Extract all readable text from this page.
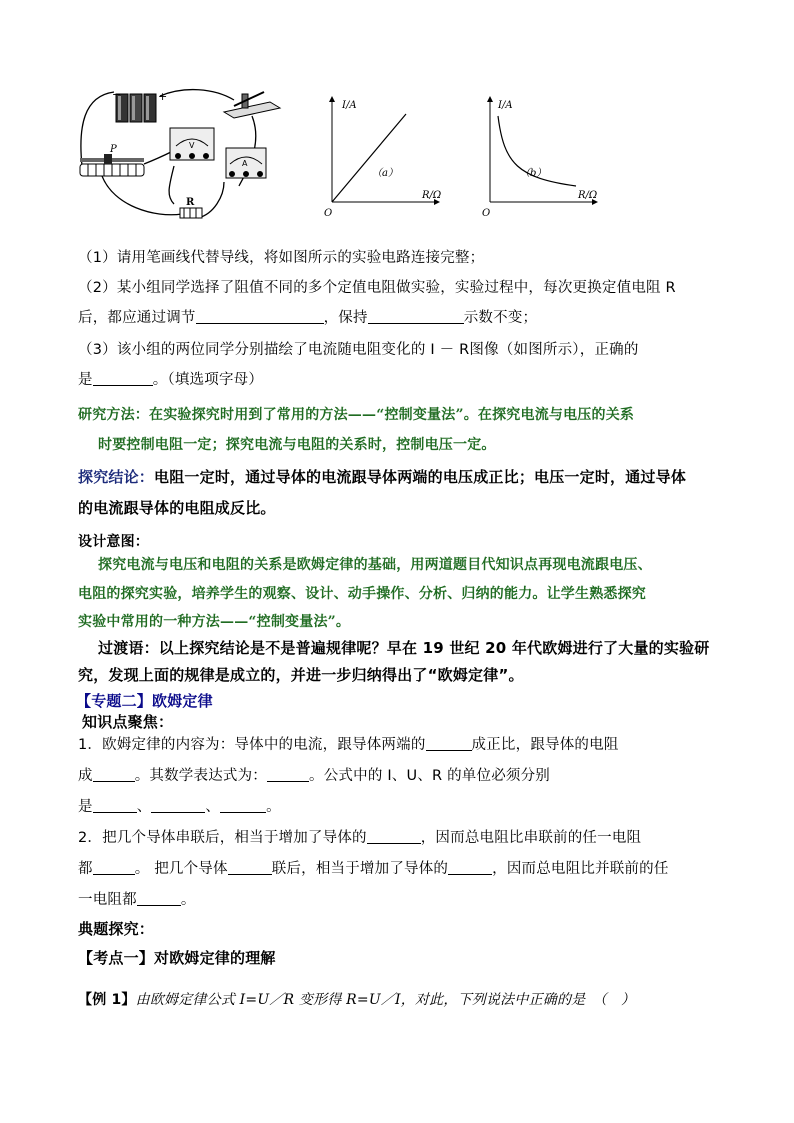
−	+
V
A
P
R
I/A
R/Ω
O
（a）
I/A
R/Ω
O
（b）
（1）请用笔画线代替导线，将如图所示的实验电路连接完整；
（2）某小组同学选择了阻值不同的多个定值电阻做实验，实验过程中，每次更换定值电阻 R
后，都应通过调节	，保持	示数不变；
（3）该小组的两位同学分别描绘了电流随电阻变化的 I － R图像（如图所示），正确的
是	。（填选项字母）
研究方法：在实验探究时用到了常用的方法——“控制变量法”。在探究电流与电压的关系
时要控制电阻一定；探究电流与电阻的关系时，控制电压一定。
探究结论：电阻一定时，通过导体的电流跟导体两端的电压成正比；电压一定时，通过导体
的电流跟导体的电阻成反比。
设计意图：
探究电流与电压和电阻的关系是欧姆定律的基础，用两道题目代知识点再现电流跟电压、
电阻的探究实验，培养学生的观察、设计、动手操作、分析、归纳的能力。让学生熟悉探究
实验中常用的一种方法——“控制变量法”。
过渡语：以上探究结论是不是普遍规律呢？早在 19 世纪 20 年代欧姆进行了大量的实验研
究，发现上面的规律是成立的，并进一步归纳得出了“欧姆定律”。
【专题二】欧姆定律
知识点聚焦：
1．欧姆定律的内容为：导体中的电流，跟导体两端的	成正比，跟导体的电阻
成	。其数学表达式为：	。公式中的 I、U、R 的单位必须分别
是	、	、	。
2．把几个导体串联后，相当于增加了导体的	，因而总电阻比串联前的任一电阻
都	。 把几个导体	联后，相当于增加了导体的	，因而总电阻比并联前的任
一电阻都	。
典题探究：
【考点一】对欧姆定律的理解
【例 1】由欧姆定律公式 I=U／R 变形得 R=U／I，对此，下列说法中正确的是　（　）
